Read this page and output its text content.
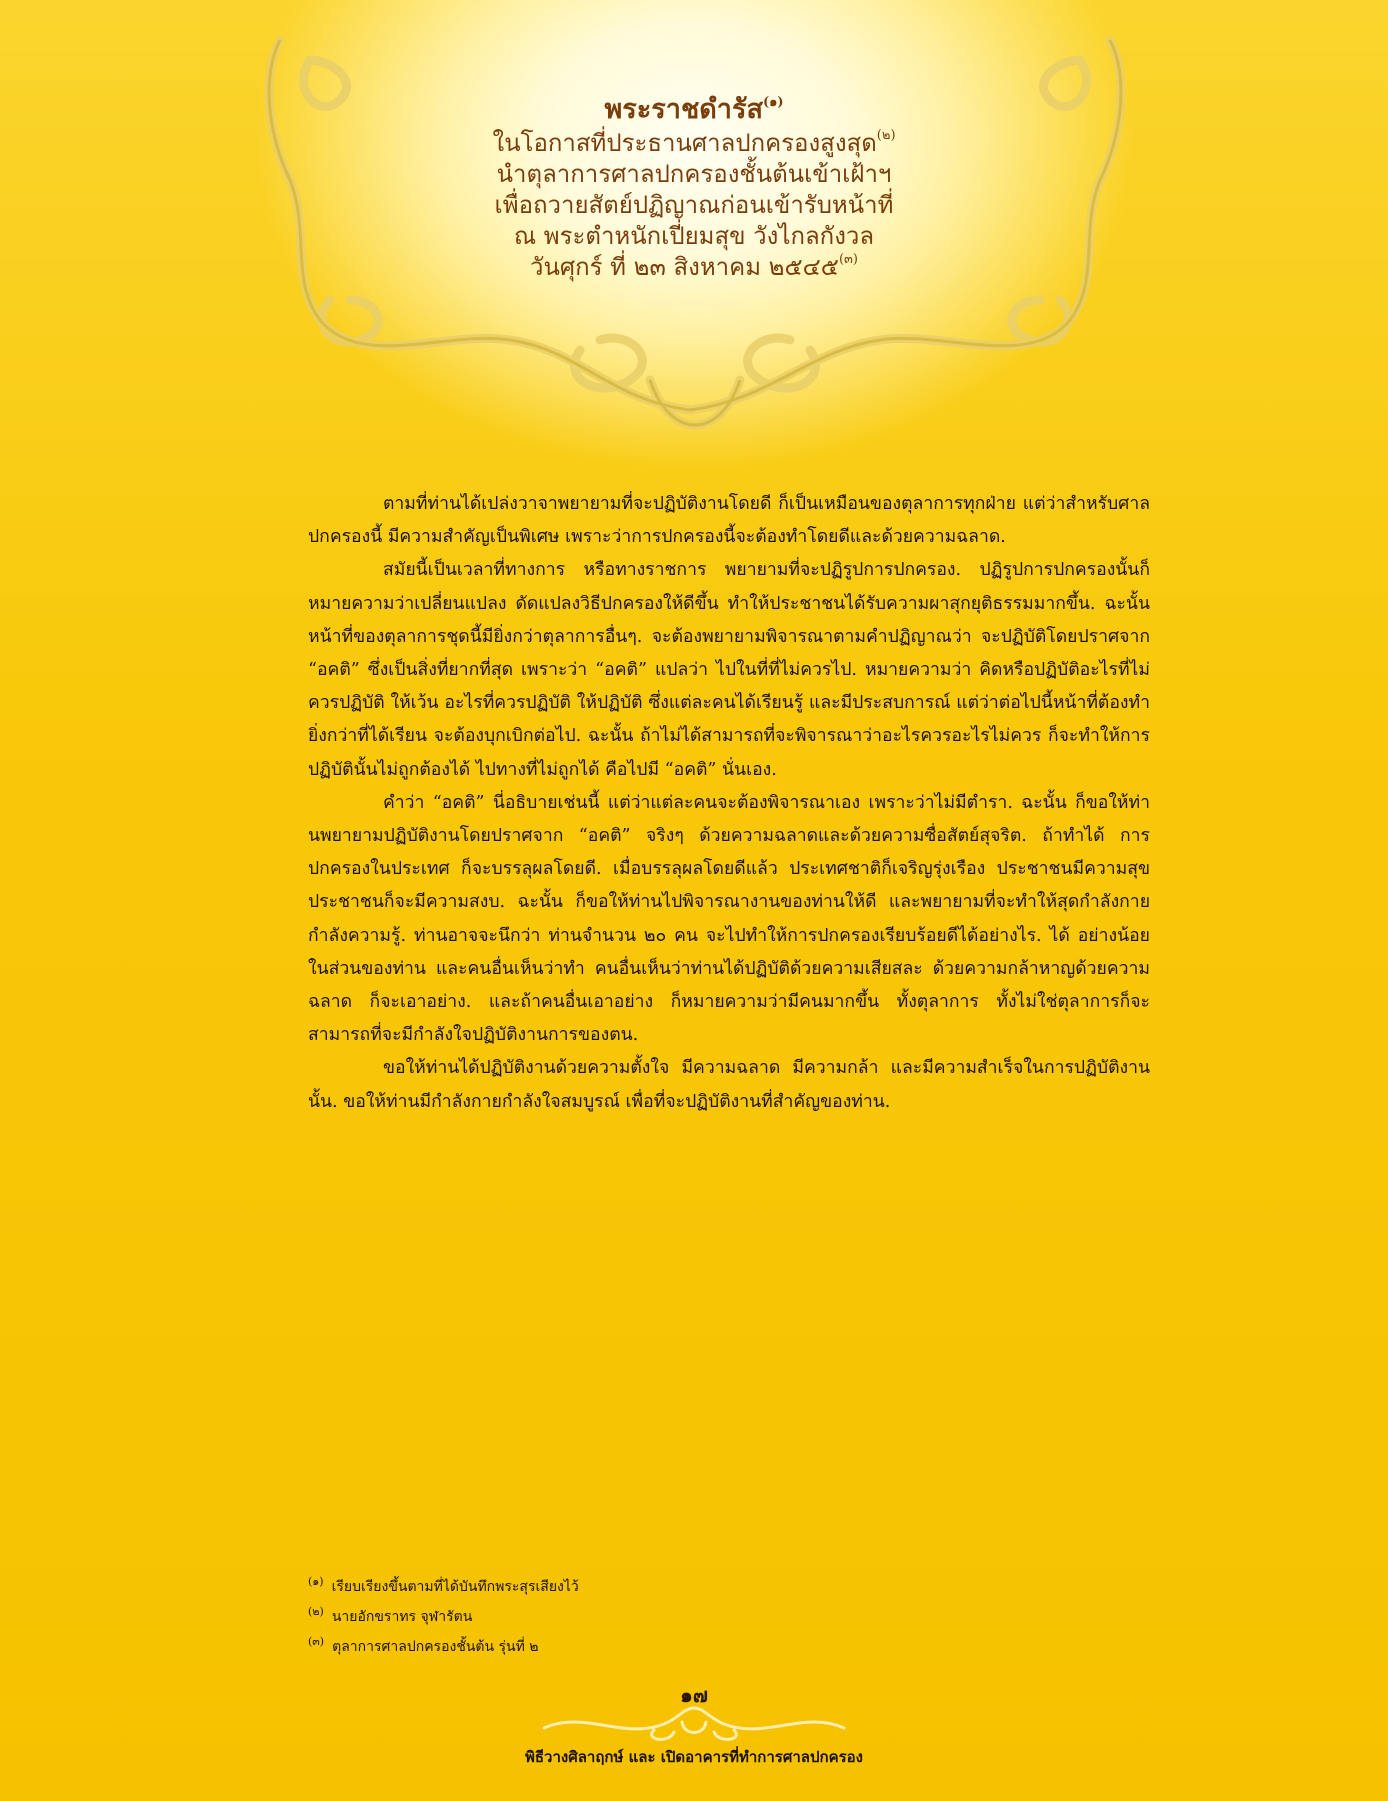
พระราชดำรัส$^{(๑)}$
ในโอกาสที่ประธานศาลปกครองสูงสุด$^{(๒)}$
นำตุลาการศาลปกครองชั้นต้นเข้าเฝ้าฯ
เพื่อถวายสัตย์ปฏิญาณก่อนเข้ารับหน้าที่
ณ พระตำหนักเปี่ยมสุข วังไกลกังวล
วันศุกร์ ที่ ๒๓ สิงหาคม ๒๕๔๕$^{(๓)}$

ตามที่ท่านได้เปล่งวาจาพยายามที่จะปฏิบัติงานโดยดี ก็เป็นเหมือนของตุลาการทุกฝ่าย แต่ว่าสำหรับศาลปกครองนี้ มีความสำคัญเป็นพิเศษ เพราะว่าการปกครองนี้จะต้องทำโดยดีและด้วยความฉลาด.

สมัยนี้เป็นเวลาที่ทางการ หรือทางราชการ พยายามที่จะปฏิรูปการปกครอง. ปฏิรูปการปกครองนั้นก็หมายความว่าเปลี่ยนแปลง ดัดแปลงวิธีปกครองให้ดีขึ้น ทำให้ประชาชนได้รับความผาสุกยุติธรรมมากขึ้น. ฉะนั้น หน้าที่ของตุลาการชุดนี้มียิ่งกว่าตุลาการอื่นๆ. จะต้องพยายามพิจารณาตามคำปฏิญาณว่า จะปฏิบัติโดยปราศจาก “อคติ” ซึ่งเป็นสิ่งที่ยากที่สุด เพราะว่า “อคติ” แปลว่า ไปในที่ที่ไม่ควรไป. หมายความว่า คิดหรือปฏิบัติอะไรที่ไม่ควรปฏิบัติ ให้เว้น อะไรที่ควรปฏิบัติ ให้ปฏิบัติ ซึ่งแต่ละคนได้เรียนรู้ และมีประสบการณ์ แต่ว่าต่อไปนี้หน้าที่ต้องทำยิ่งกว่าที่ได้เรียน จะต้องบุกเบิกต่อไป. ฉะนั้น ถ้าไม่ได้สามารถที่จะพิจารณาว่าอะไรควรอะไรไม่ควร ก็จะทำให้การปฏิบัตินั้นไม่ถูกต้องได้ ไปทางที่ไม่ถูกได้ คือไปมี “อคติ” นั่นเอง.

คำว่า “อคติ” นี่อธิบายเช่นนี้ แต่ว่าแต่ละคนจะต้องพิจารณาเอง เพราะว่าไม่มีตำรา. ฉะนั้น ก็ขอให้ท่านพยายามปฏิบัติงานโดยปราศจาก “อคติ” จริงๆ ด้วยความฉลาดและด้วยความซื่อสัตย์สุจริต. ถ้าทำได้ การปกครองในประเทศ ก็จะบรรลุผลโดยดี. เมื่อบรรลุผลโดยดีแล้ว ประเทศชาติก็เจริญรุ่งเรือง ประชาชนมีความสุข ประชาชนก็จะมีความสงบ. ฉะนั้น ก็ขอให้ท่านไปพิจารณางานของท่านให้ดี และพยายามที่จะทำให้สุดกำลังกาย กำลังความรู้. ท่านอาจจะนึกว่า ท่านจำนวน ๒๐ คน จะไปทำให้การปกครองเรียบร้อยดีได้อย่างไร. ได้ อย่างน้อยในส่วนของท่าน และคนอื่นเห็นว่าทำ คนอื่นเห็นว่าท่านได้ปฏิบัติด้วยความเสียสละ ด้วยความกล้าหาญด้วยความฉลาด ก็จะเอาอย่าง. และถ้าคนอื่นเอาอย่าง ก็หมายความว่ามีคนมากขึ้น ทั้งตุลาการ ทั้งไม่ใช่ตุลาการก็จะสามารถที่จะมีกำลังใจปฏิบัติงานการของตน.

ขอให้ท่านได้ปฏิบัติงานด้วยความตั้งใจ มีความฉลาด มีความกล้า และมีความสำเร็จในการปฏิบัติงานนั้น. ขอให้ท่านมีกำลังกายกำลังใจสมบูรณ์ เพื่อที่จะปฏิบัติงานที่สำคัญของท่าน.

$^{(๑)}$ เรียบเรียงขึ้นตามที่ได้บันทึกพระสุรเสียงไว้
$^{(๒)}$ นายอักขราทร จุฬารัตน
$^{(๓)}$ ตุลาการศาลปกครองชั้นต้น รุ่นที่ ๒
๑๗
พิธีวางศิลาฤกษ์ และ เปิดอาคารที่ทำการศาลปกครอง
